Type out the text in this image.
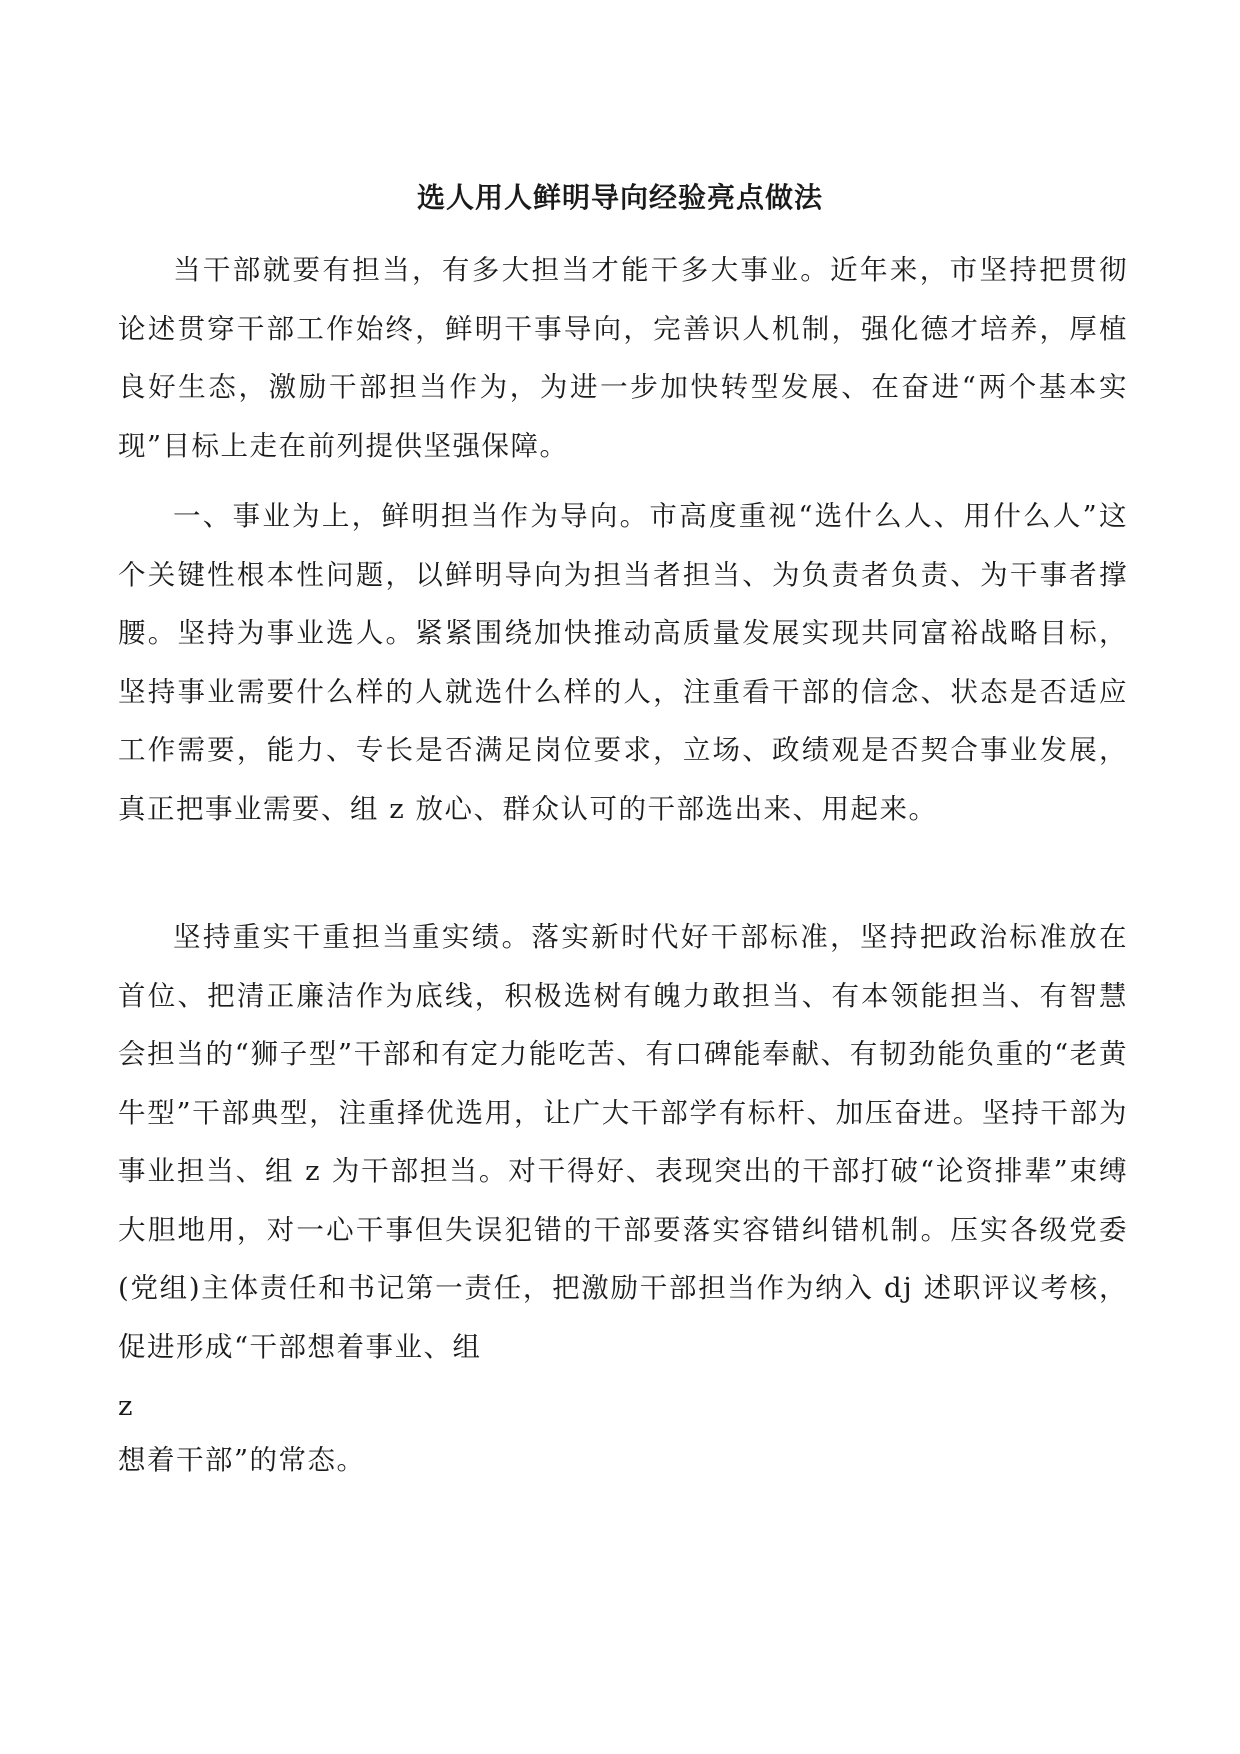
选人用人鲜明导向经验亮点做法

当干部就要有担当，有多大担当才能干多大事业。近年来，市坚持把贯彻论述贯穿干部工作始终，鲜明干事导向，完善识人机制，强化德才培养，厚植良好生态，激励干部担当作为，为进一步加快转型发展、在奋进“两个基本实现”目标上走在前列提供坚强保障。

一、事业为上，鲜明担当作为导向。市高度重视“选什么人、用什么人”这个关键性根本性问题，以鲜明导向为担当者担当、为负责者负责、为干事者撑腰。坚持为事业选人。紧紧围绕加快推动高质量发展实现共同富裕战略目标，坚持事业需要什么样的人就选什么样的人，注重看干部的信念、状态是否适应工作需要，能力、专长是否满足岗位要求，立场、政绩观是否契合事业发展，真正把事业需要、组 z 放心、群众认可的干部选出来、用起来。

坚持重实干重担当重实绩。落实新时代好干部标准，坚持把政治标准放在首位、把清正廉洁作为底线，积极选树有魄力敢担当、有本领能担当、有智慧会担当的“狮子型”干部和有定力能吃苦、有口碑能奉献、有韧劲能负重的“老黄牛型”干部典型，注重择优选用，让广大干部学有标杆、加压奋进。坚持干部为事业担当、组 z 为干部担当。对干得好、表现突出的干部打破“论资排辈”束缚大胆地用，对一心干事但失误犯错的干部要落实容错纠错机制。压实各级党委(党组)主体责任和书记第一责任，把激励干部担当作为纳入 dj 述职评议考核，促进形成“干部想着事业、组

z
想着干部”的常态。
